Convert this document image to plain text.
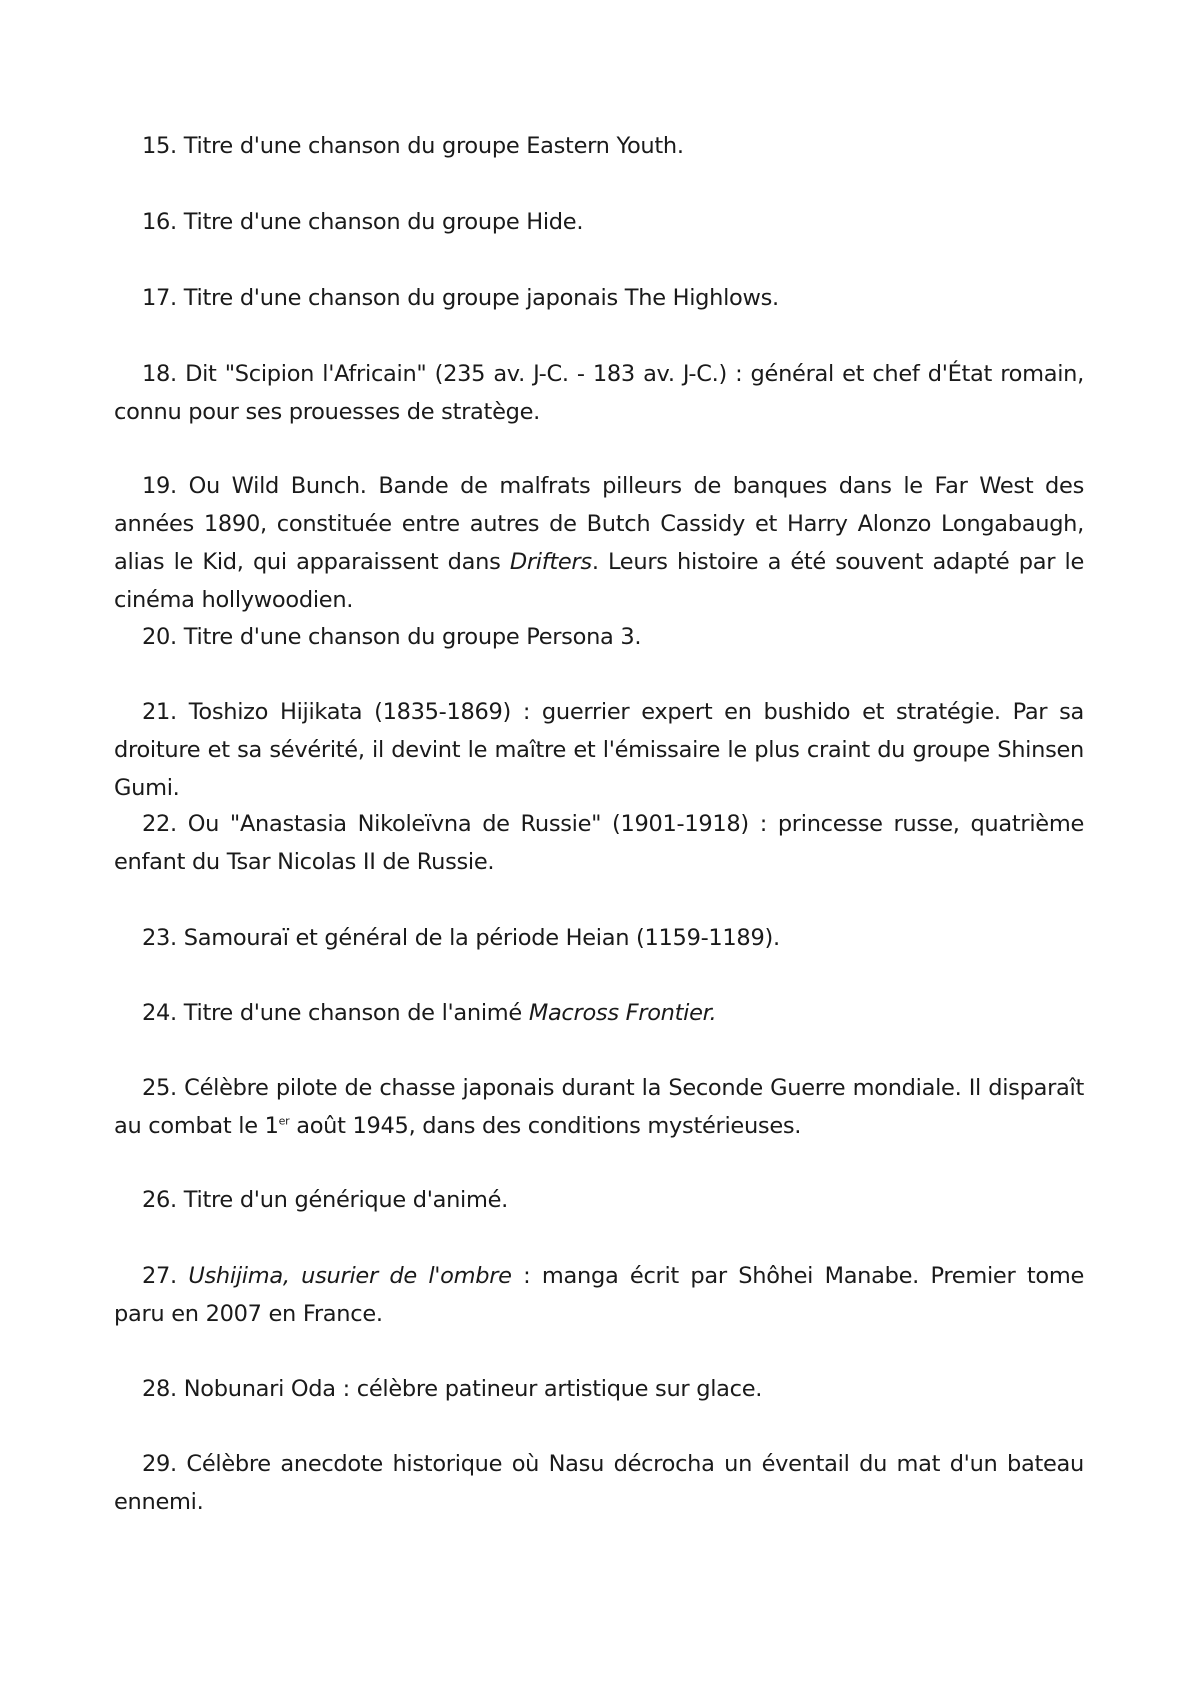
15. Titre d'une chanson du groupe Eastern Youth.

16. Titre d'une chanson du groupe Hide.

17. Titre d'une chanson du groupe japonais The Highlows.

18. Dit "Scipion l'Africain" (235 av. J-C. - 183 av. J-C.) : général et chef d'État romain, connu pour ses prouesses de stratège.

19. Ou Wild Bunch. Bande de malfrats pilleurs de banques dans le Far West des années 1890, constituée entre autres de Butch Cassidy et Harry Alonzo Longabaugh, alias le Kid, qui apparaissent dans Drifters. Leurs histoire a été souvent adapté par le cinéma hollywoodien.

20. Titre d'une chanson du groupe Persona 3.

21. Toshizo Hijikata (1835-1869) : guerrier expert en bushido et stratégie. Par sa droiture et sa sévérité, il devint le maître et l'émissaire le plus craint du groupe Shinsen Gumi.

22. Ou "Anastasia Nikoleïvna de Russie" (1901-1918) : princesse russe, quatrième enfant du Tsar Nicolas II de Russie.

23. Samouraï et général de la période Heian (1159-1189).

24. Titre d'une chanson de l'animé Macross Frontier.

25. Célèbre pilote de chasse japonais durant la Seconde Guerre mondiale. Il disparaît au combat le 1er août 1945, dans des conditions mystérieuses.

26. Titre d'un générique d'animé.

27. Ushijima, usurier de l'ombre : manga écrit par Shôhei Manabe. Premier tome paru en 2007 en France.

28. Nobunari Oda : célèbre patineur artistique sur glace.

29. Célèbre anecdote historique où Nasu décrocha un éventail du mat d'un bateau ennemi.
